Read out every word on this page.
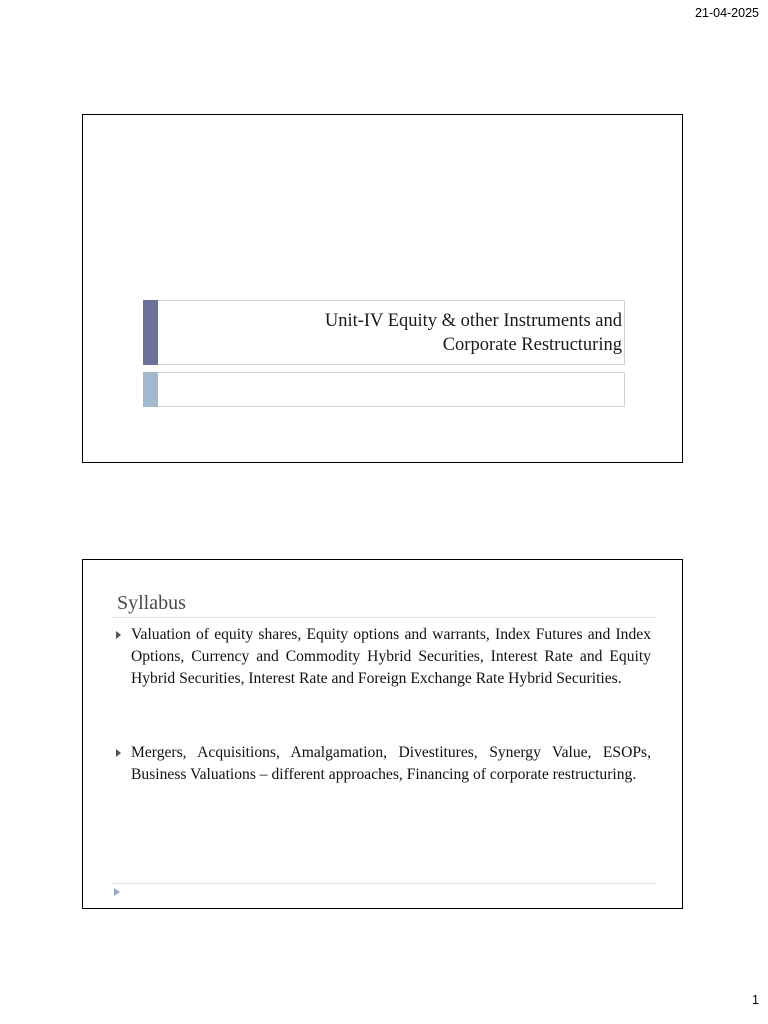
21-04-2025
Unit-IV Equity & other Instruments and
Corporate Restructuring
Syllabus
Valuation of equity shares, Equity options and warrants, Index Futures and Index Options, Currency and Commodity Hybrid Securities, Interest Rate and Equity Hybrid Securities, Interest Rate and Foreign Exchange Rate Hybrid Securities.
Mergers, Acquisitions, Amalgamation, Divestitures, Synergy Value, ESOPs, Business Valuations – different approaches, Financing of corporate restructuring.
1
